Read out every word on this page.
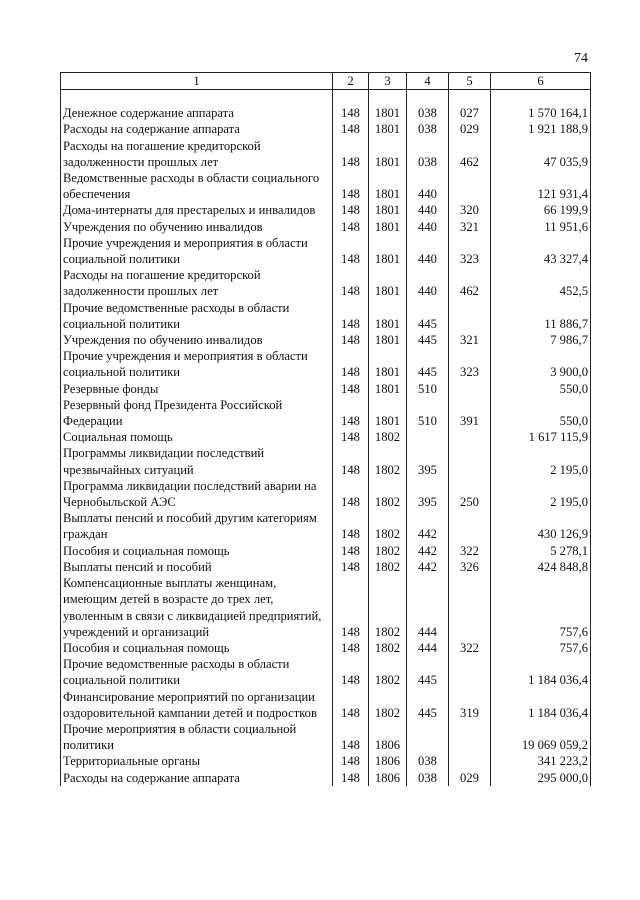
74
1	2	3	4	5	6

Денежное содержание аппарата	148	1801	038	027	1 570 164,1
Расходы на содержание аппарата	148	1801	038	029	1 921 188,9
Расходы на погашение кредиторской задолженности прошлых лет	148	1801	038	462	47 035,9
Ведомственные расходы в области социального обеспечения	148	1801	440		121 931,4
Дома-интернаты для престарелых и инвалидов	148	1801	440	320	66 199,9
Учреждения по обучению инвалидов	148	1801	440	321	11 951,6
Прочие учреждения и мероприятия в области социальной политики	148	1801	440	323	43 327,4
Расходы на погашение кредиторской задолженности прошлых лет	148	1801	440	462	452,5
Прочие ведомственные расходы в области социальной политики	148	1801	445		11 886,7
Учреждения по обучению инвалидов	148	1801	445	321	7 986,7
Прочие учреждения и мероприятия в области социальной политики	148	1801	445	323	3 900,0
Резервные фонды	148	1801	510		550,0
Резервный фонд Президента Российской Федерации	148	1801	510	391	550,0
Социальная помощь	148	1802			1 617 115,9
Программы ликвидации последствий чрезвычайных ситуаций	148	1802	395		2 195,0
Программа ликвидации последствий аварии на Чернобыльской АЭС	148	1802	395	250	2 195,0
Выплаты пенсий и пособий другим категориям граждан	148	1802	442		430 126,9
Пособия и социальная помощь	148	1802	442	322	5 278,1
Выплаты пенсий и пособий	148	1802	442	326	424 848,8
Компенсационные выплаты женщинам, имеющим детей в возрасте до трех лет, уволенным в связи с ликвидацией предприятий, учреждений и организаций	148	1802	444		757,6
Пособия и социальная помощь	148	1802	444	322	757,6
Прочие ведомственные расходы в области социальной политики	148	1802	445		1 184 036,4
Финансирование мероприятий по организации оздоровительной кампании детей и подростков	148	1802	445	319	1 184 036,4
Прочие мероприятия в области социальной политики	148	1806			19 069 059,2
Территориальные органы	148	1806	038		341 223,2
Расходы на содержание аппарата	148	1806	038	029	295 000,0
